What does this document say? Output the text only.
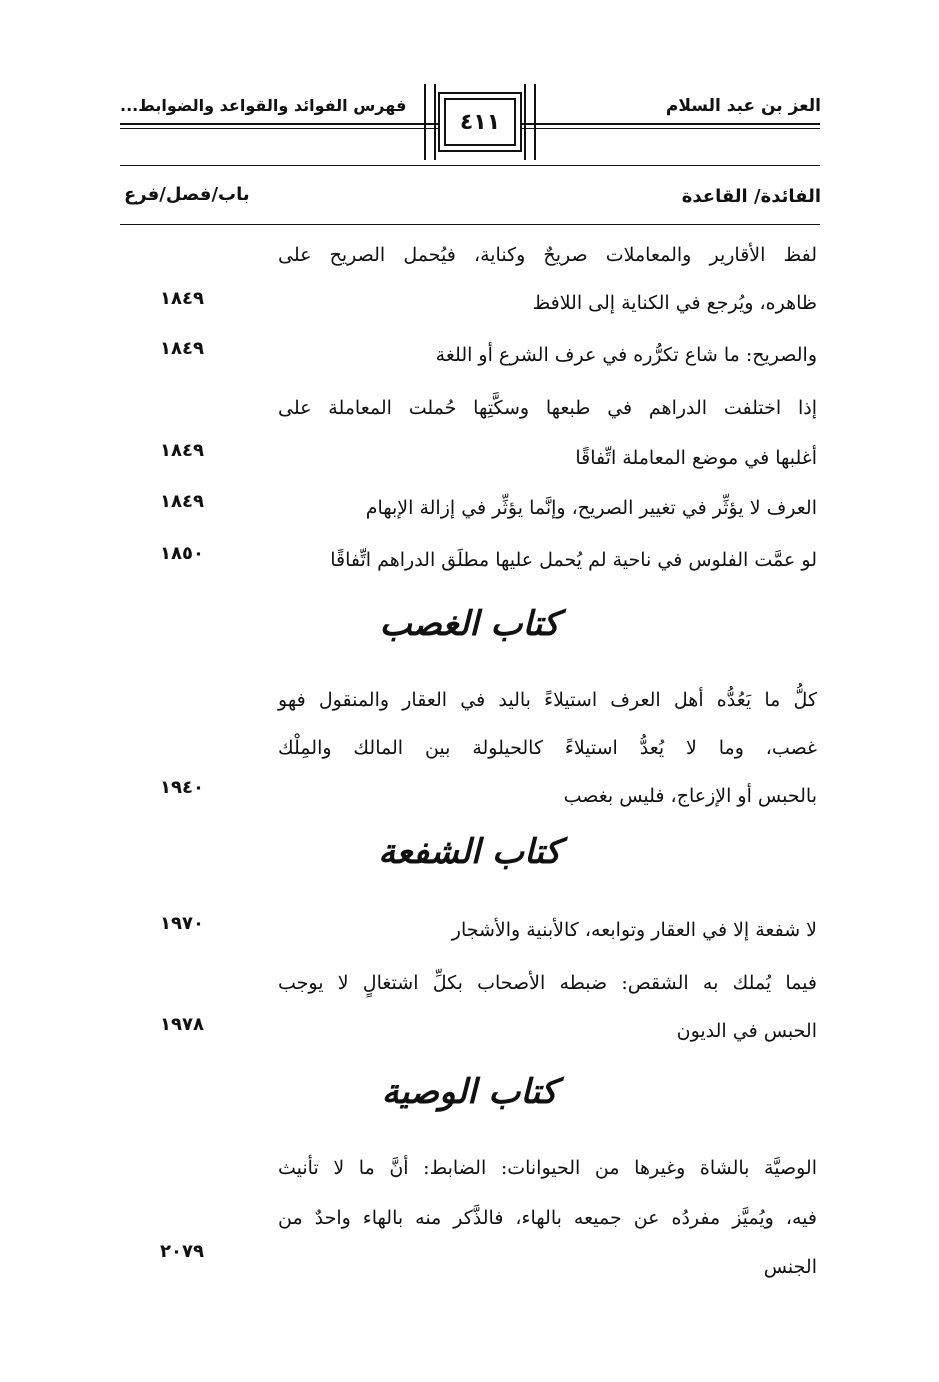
العز بن عبد السلام
فهرس الفوائد والقواعد والضوابط...
٤١١
الفائدة/ القاعدة
باب/فصل/فرع
لفظ الأقارير والمعاملات صريحٌ وكناية، فيُحمل الصريح على
ظاهره، ويُرجع في الكناية إلى اللافظ
١٨٤٩
والصريح: ما شاع تكرُّره في عرف الشرع أو اللغة
١٨٤٩
إذا اختلفت الدراهم في طبعها وسكَّتِها حُملت المعاملة على
أغلبها في موضع المعاملة اتِّفاقًا
١٨٤٩
العرف لا يؤثِّر في تغيير الصريح، وإنَّما يؤثِّر في إزالة الإبهام
١٨٤٩
لو عمَّت الفلوس في ناحية لم يُحمل عليها مطلَق الدراهم اتِّفاقًا
١٨٥٠
كتاب الغصب
كلُّ ما يَعُدُّه أهل العرف استيلاءً باليد في العقار والمنقول فهو
غصب، وما لا يُعدُّ استيلاءً كالحيلولة بين المالك والمِلْك
بالحبس أو الإزعاج، فليس بغصب
١٩٤٠
كتاب الشفعة
لا شفعة إلا في العقار وتوابعه، كالأبنية والأشجار
١٩٧٠
فيما يُملك به الشقص: ضبطه الأصحاب بكلِّ اشتغالٍ لا يوجب
الحبس في الديون
١٩٧٨
كتاب الوصية
الوصيَّة بالشاة وغيرها من الحيوانات: الضابط: أنَّ ما لا تأنيث
فيه، ويُميَّز مفردُه عن جميعه بالهاء، فالذَّكر منه بالهاء واحدٌ من
الجنس
٢٠٧٩
